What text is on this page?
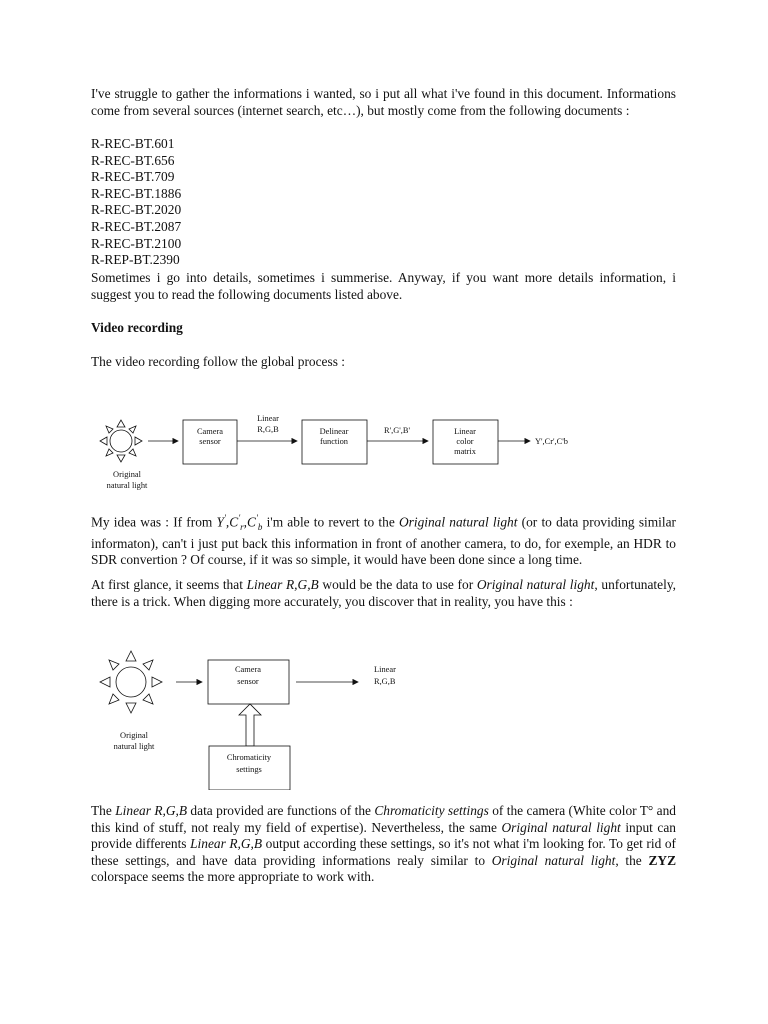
I've struggle to gather the informations i wanted, so i put all what i've found in this document. Informations come from several sources (internet search, etc…), but mostly come from the following documents :

R-REC-BT.601
R-REC-BT.656
R-REC-BT.709
R-REC-BT.1886
R-REC-BT.2020
R-REC-BT.2087
R-REC-BT.2100
R-REP-BT.2390

Sometimes i go into details, sometimes i summerise. Anyway, if you want more details information, i suggest you to read the following documents listed above.

Video recording

The video recording follow the global process :

Original
natural light
Camera
sensor
Linear
R,G,B	Delinear
function
R',G',B'	Linear
color
matrix
Y',Cr',C'b

My idea was : If from $Y',C'_r,C'_b$ i'm able to revert to the Original natural light (or to data providing similar informaton), can't i just put back this information in front of another camera, to do, for exemple, an HDR to SDR convertion ? Of course, if it was so simple, it would have been done since a long time.

At first glance, it seems that Linear R,G,B would be the data to use for Original natural light, unfortunately, there is a trick. When digging more accurately, you discover that in reality, you have this :

Original
natural light
Camera
sensor
Linear
R,G,B
Chromaticity
settings

The Linear R,G,B data provided are functions of the Chromaticity settings of the camera (White color T° and this kind of stuff, not realy my field of expertise). Nevertheless, the same Original natural light input can provide differents Linear R,G,B output according these settings, so it's not what i'm looking for. To get rid of these settings, and have data providing informations realy similar to Original natural light, the ZYZ colorspace seems the more appropriate to work with.
